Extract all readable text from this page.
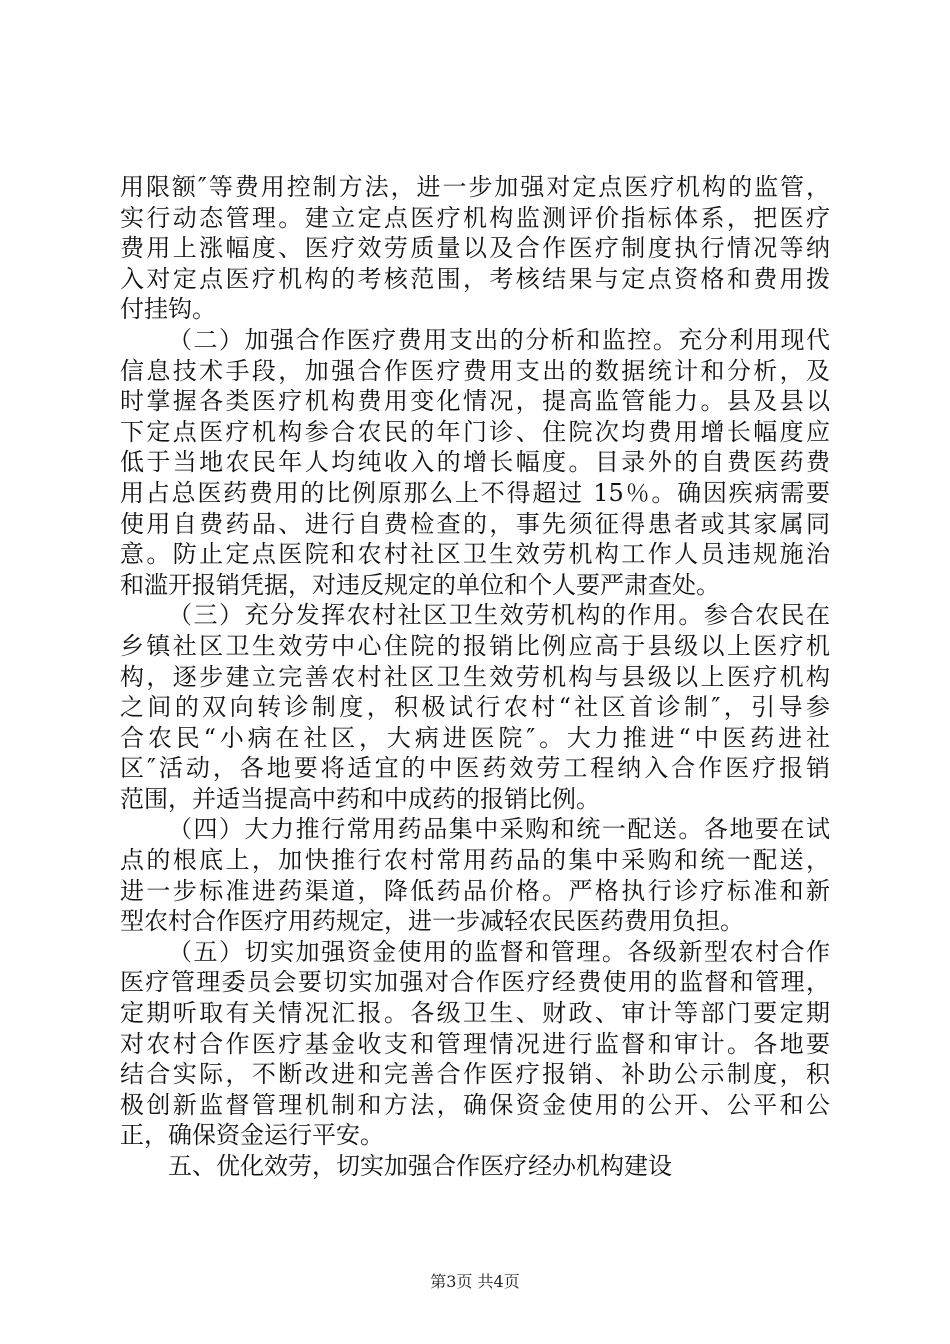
用限额″等费用控制方法，进一步加强对定点医疗机构的监管，
实行动态管理。建立定点医疗机构监测评价指标体系，把医疗
费用上涨幅度、医疗效劳质量以及合作医疗制度执行情况等纳
入对定点医疗机构的考核范围，考核结果与定点资格和费用拨
付挂钩。
（二）加强合作医疗费用支出的分析和监控。充分利用现代
信息技术手段，加强合作医疗费用支出的数据统计和分析，及
时掌握各类医疗机构费用变化情况，提高监管能力。县及县以
下定点医疗机构参合农民的年门诊、住院次均费用增长幅度应
低于当地农民年人均纯收入的增长幅度。目录外的自费医药费
用占总医药费用的比例原那么上不得超过 15％。确因疾病需要
使用自费药品、进行自费检查的，事先须征得患者或其家属同
意。防止定点医院和农村社区卫生效劳机构工作人员违规施治
和滥开报销凭据，对违反规定的单位和个人要严肃查处。
（三）充分发挥农村社区卫生效劳机构的作用。参合农民在
乡镇社区卫生效劳中心住院的报销比例应高于县级以上医疗机
构，逐步建立完善农村社区卫生效劳机构与县级以上医疗机构
之间的双向转诊制度，积极试行农村“社区首诊制″，引导参
合农民“小病在社区，大病进医院″。大力推进“中医药进社
区″活动，各地要将适宜的中医药效劳工程纳入合作医疗报销
范围，并适当提高中药和中成药的报销比例。
（四）大力推行常用药品集中采购和统一配送。各地要在试
点的根底上，加快推行农村常用药品的集中采购和统一配送，
进一步标准进药渠道，降低药品价格。严格执行诊疗标准和新
型农村合作医疗用药规定，进一步减轻农民医药费用负担。
（五）切实加强资金使用的监督和管理。各级新型农村合作
医疗管理委员会要切实加强对合作医疗经费使用的监督和管理，
定期听取有关情况汇报。各级卫生、财政、审计等部门要定期
对农村合作医疗基金收支和管理情况进行监督和审计。各地要
结合实际，不断改进和完善合作医疗报销、补助公示制度，积
极创新监督管理机制和方法，确保资金使用的公开、公平和公
正，确保资金运行平安。
五、优化效劳，切实加强合作医疗经办机构建设
第3页 共4页
